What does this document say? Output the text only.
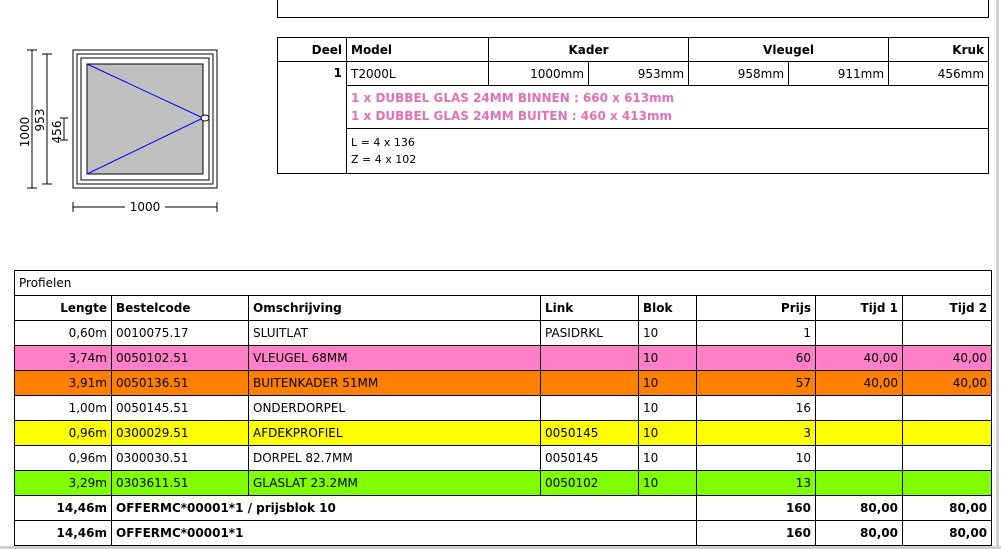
1000 953
456
1000
Deel	Model	Kader		Vleugel		Kruk
1	T2000L	1000mm	953mm	958mm	911mm	456mm

	1 x DUBBEL GLAS 24MM BINNEN : 660 x 613mm
1 x DUBBEL GLAS 24MM BUITEN : 460 x 413mm					

	L = 4 x 136
Z = 4 x 102					
Profielen							
Lengte	Bestelcode	Omschrijving	Link	Blok	Prijs	Tijd 1	Tijd 2
0,60m	0010075.17	SLUITLAT	PASIDRKL	10	1		
3,74m	0050102.51	VLEUGEL 68MM		10	60	40,00	40,00
3,91m	0050136.51	BUITENKADER 51MM		10	57	40,00	40,00
1,00m	0050145.51	ONDERDORPEL		10	16		
0,96m	0300029.51	AFDEKPROFIEL	0050145	10	3		
0,96m	0300030.51	DORPEL 82.7MM	0050145	10	10		
3,29m	0303611.51	GLASLAT 23.2MM	0050102	10	13		
14,46m	OFFERMC*00001*1 / prijsblok 10				160	80,00	80,00
14,46m	OFFERMC*00001*1				160	80,00	80,00
